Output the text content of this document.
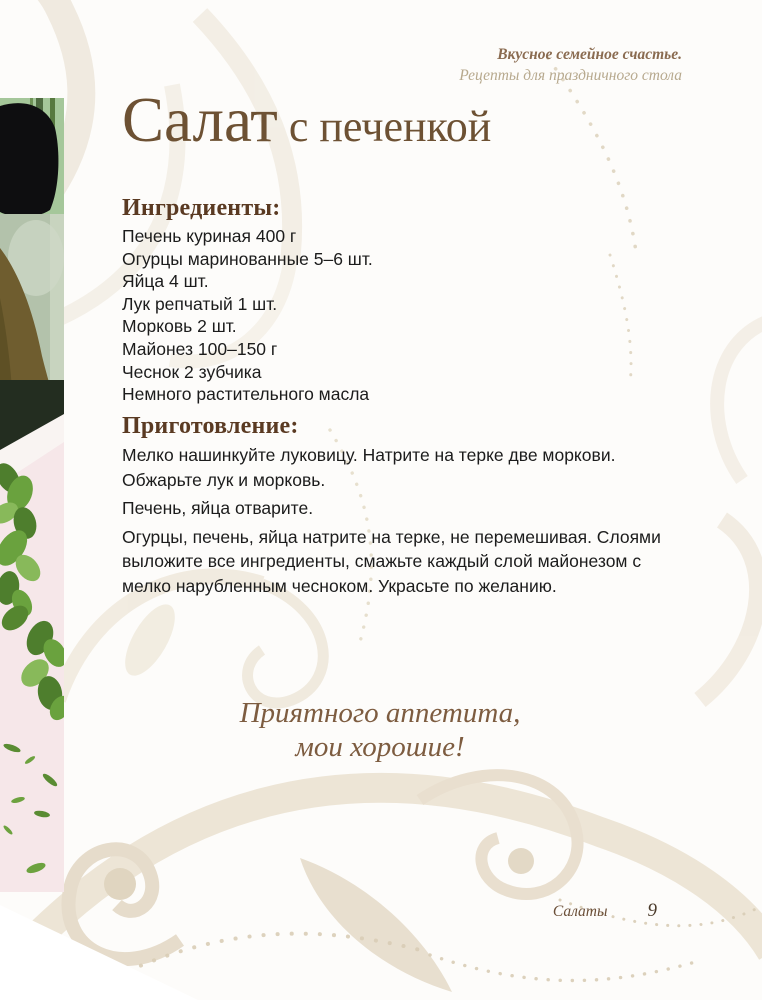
Вкусное семейное счастье.
Рецепты для праздничного стола
Салат с печенкой
Ингредиенты:
Печень куриная 400 г
Огурцы маринованные 5–6 шт.
Яйца 4 шт.
Лук репчатый 1 шт.
Морковь 2 шт.
Майонез 100–150 г
Чеснок 2 зубчика
Немного растительного масла
Приготовление:

Мелко нашинкуйте луковицу. Натрите на терке две моркови. Обжарьте лук и морковь.

Печень, яйца отварите.

Огурцы, печень, яйца натрите на терке, не перемешивая. Слоями выложите все ингредиенты, смажьте каждый слой майонезом с мелко нарубленным чесноком. Украсьте по желанию.

Приятного аппетита,
мои хорошие!
Салаты 9
